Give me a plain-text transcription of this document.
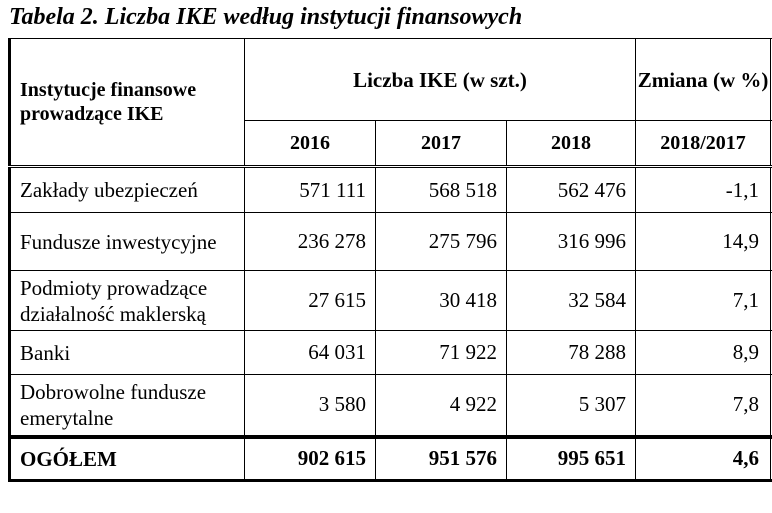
Tabela 2. Liczba IKE według instytucji finansowych
Instytucje finansowe prowadzące IKE	Liczba IKE (w szt.)			Zmiana (w %)	
	2016	2017	2018	2018/2017	
Zakłady ubezpieczeń	571 111	568 518	562 476	-1,1	
Fundusze inwestycyjne	236 278	275 796	316 996	14,9	
Podmioty prowadzące działalność maklerską	27 615	30 418	32 584	7,1	
Banki	64 031	71 922	78 288	8,9	
Dobrowolne fundusze emerytalne	3 580	4 922	5 307	7,8	
OGÓŁEM	902 615	951 576	995 651	4,6	
